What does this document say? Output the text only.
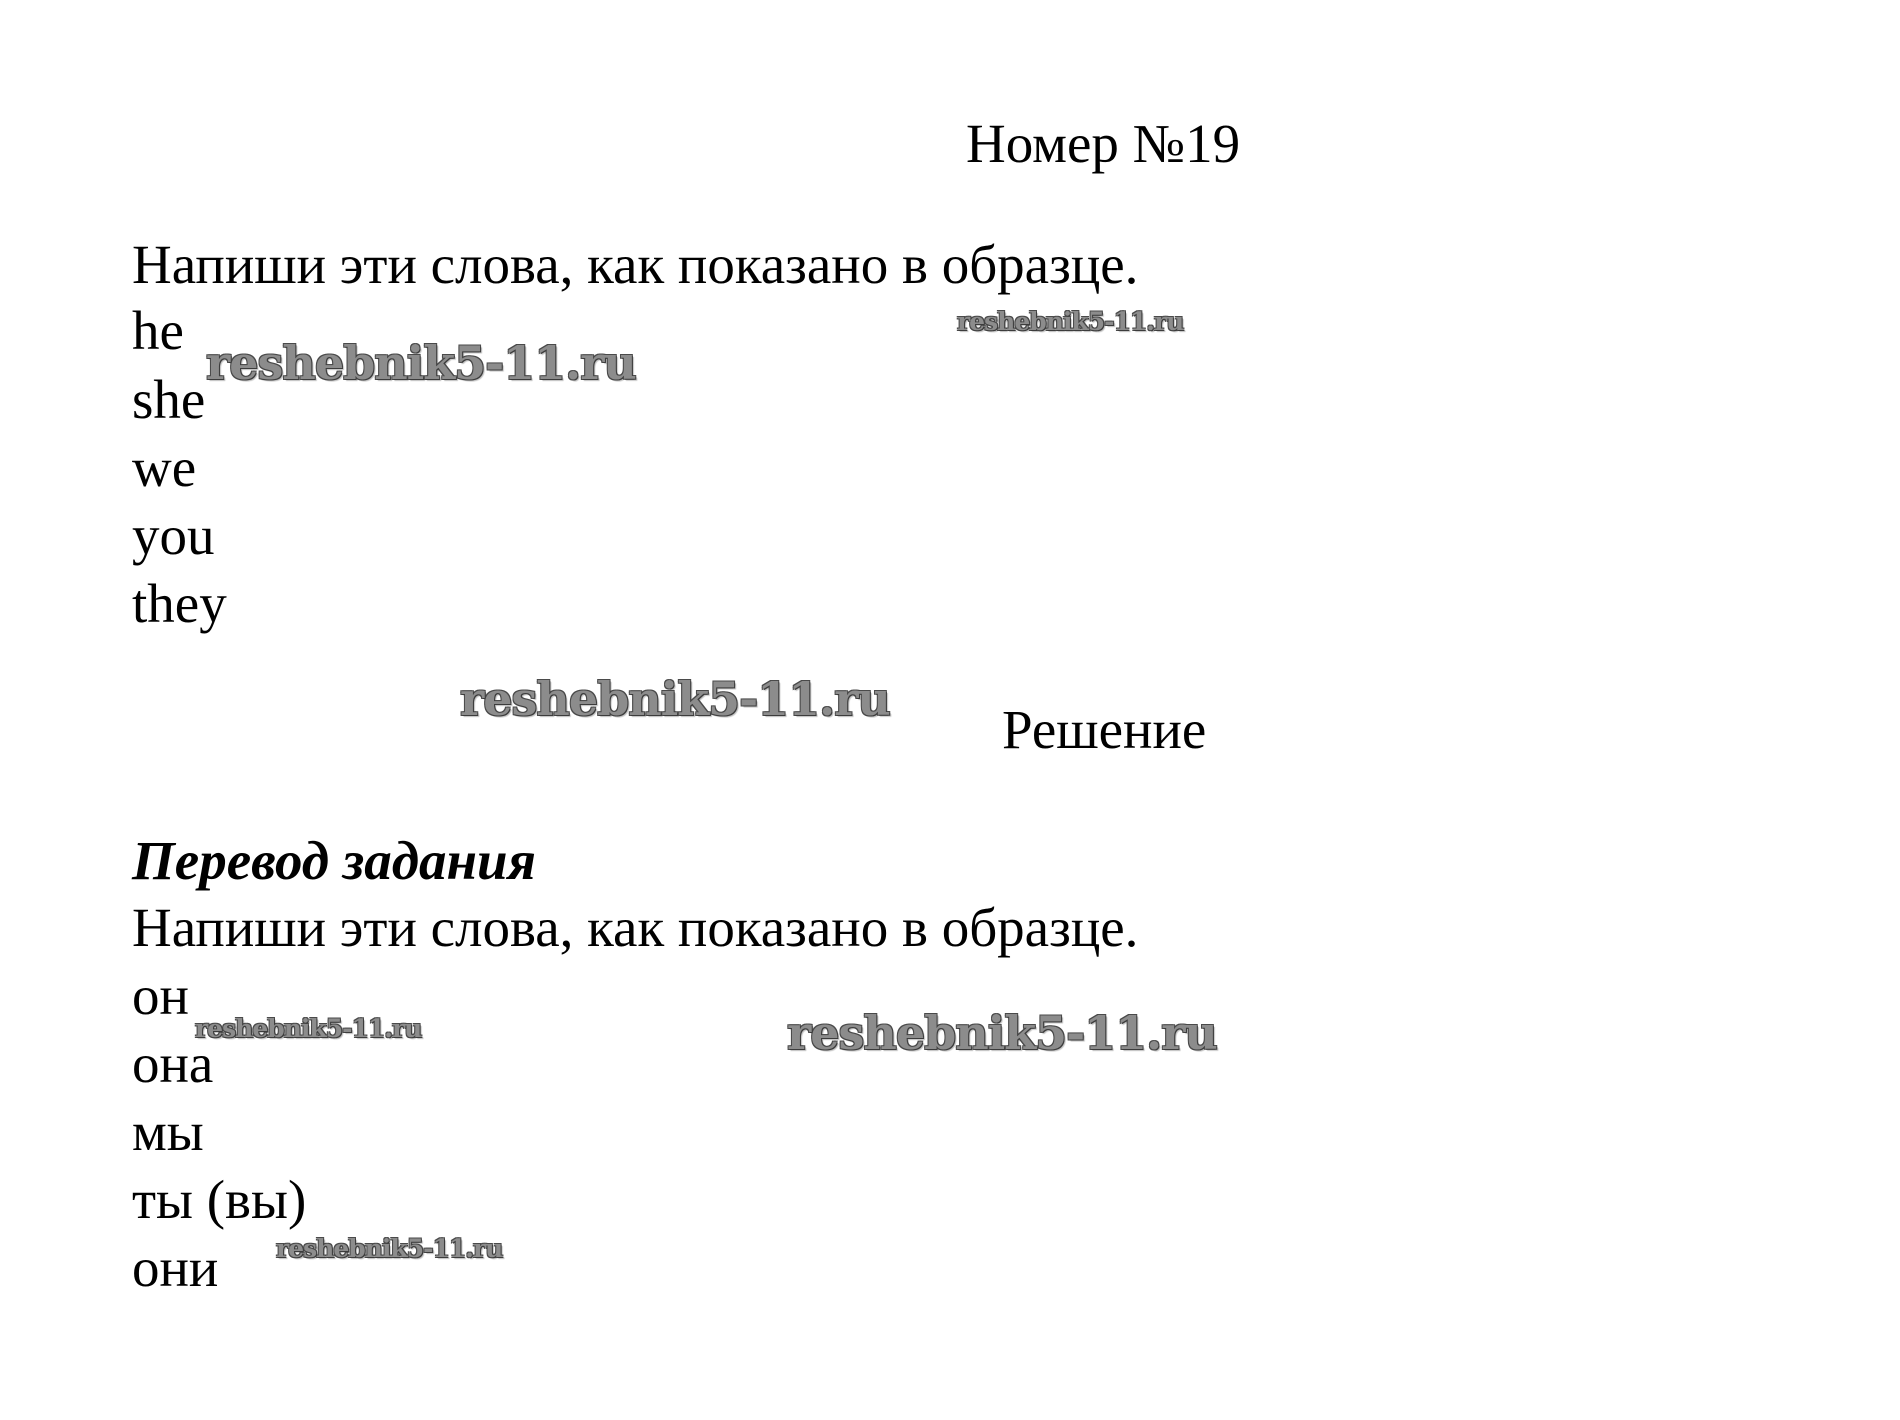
Номер №19
Напиши эти слова, как показано в образце.
he
she
we
you
they
Решение
Перевод задания
Напиши эти слова, как показано в образце.
он
она
мы
ты (вы)
они
reshebnik5-11.ru
reshebnik5-11.ru
reshebnik5-11.ru
reshebnik5-11.ru	reshebnik5-11.ru
reshebnik5-11.ru
